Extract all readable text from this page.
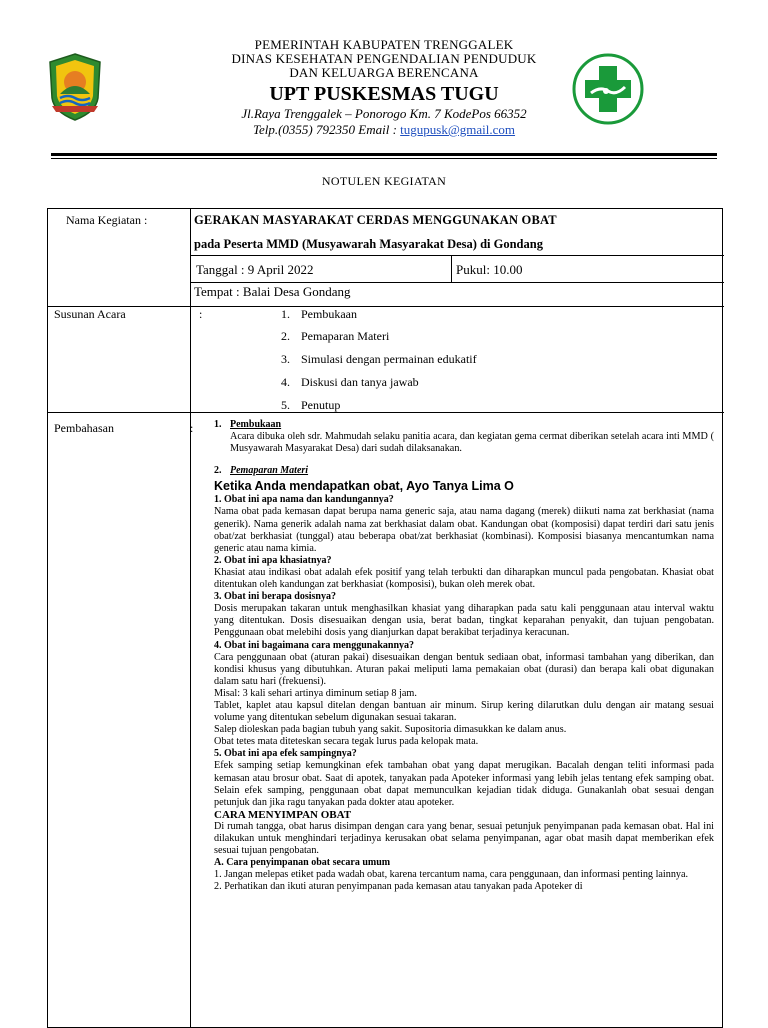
PEMERINTAH KABUPATEN TRENGGALEK
DINAS KESEHATAN PENGENDALIAN PENDUDUK
DAN KELUARGA BERENCANA
UPT PUSKESMAS TUGU
Jl.Raya Trenggalek – Ponorogo Km. 7 KodePos 66352
Telp.(0355) 792350 Email : tugupusk@gmail.com
NOTULEN KEGIATAN
Nama Kegiatan :	GERAKAN MASYARAKAT CERDAS MENGGUNAKAN OBAT
pada Peserta MMD (Musyawarah Masyarakat Desa) di Gondang
Tanggal : 9 April 2022	Pukul: 10.00
Tempat : Balai Desa Gondang
Susunan Acara	:	1. Pembukaan
2. Pemaparan Materi
3. Simulasi dengan permainan edukatif
4. Diskusi dan tanya jawab
5. Penutup
Pembahasan	: 1. Pembukaan

Acara dibuka oleh sdr. Mahmudah selaku panitia acara, dan kegiatan gema cermat diberikan setelah acara inti MMD ( Musyawarah Masyarakat Desa) dari sudah dilaksanakan.

2. Pemaparan Materi
Ketika Anda mendapatkan obat, Ayo Tanya Lima O
1. Obat ini apa nama dan kandungannya?

Nama obat pada kemasan dapat berupa nama generic saja, atau nama dagang (merek) diikuti nama zat berkhasiat (nama generik). Nama generik adalah nama zat berkhasiat dalam obat. Kandungan obat (komposisi) dapat terdiri dari satu jenis obat/zat berkhasiat (tunggal) atau beberapa obat/zat berkhasiat (kombinasi). Komposisi biasanya mencantumkan nama generic atau nama kimia.

2. Obat ini apa khasiatnya?

Khasiat atau indikasi obat adalah efek positif yang telah terbukti dan diharapkan muncul pada pengobatan. Khasiat obat ditentukan oleh kandungan zat berkhasiat (komposisi), bukan oleh merek obat.

3. Obat ini berapa dosisnya?

Dosis merupakan takaran untuk menghasilkan khasiat yang diharapkan pada satu kali penggunaan atau interval waktu yang ditentukan. Dosis disesuaikan dengan usia, berat badan, tingkat keparahan penyakit, dan tujuan pengobatan. Penggunaan obat melebihi dosis yang dianjurkan dapat berakibat terjadinya keracunan.

4. Obat ini bagaimana cara menggunakannya?

Cara penggunaan obat (aturan pakai) disesuaikan dengan bentuk sediaan obat, informasi tambahan yang diberikan, dan kondisi khusus yang dibutuhkan. Aturan pakai meliputi lama pemakaian obat (durasi) dan berapa kali obat digunakan dalam satu hari (frekuensi).

Misal: 3 kali sehari artinya diminum setiap 8 jam.

Tablet, kaplet atau kapsul ditelan dengan bantuan air minum. Sirup kering dilarutkan dulu dengan air matang sesuai volume yang ditentukan sebelum digunakan sesuai takaran.

Salep dioleskan pada bagian tubuh yang sakit. Supositoria dimasukkan ke dalam anus.

Obat tetes mata diteteskan secara tegak lurus pada kelopak mata.

5. Obat ini apa efek sampingnya?

Efek samping setiap kemungkinan efek tambahan obat yang dapat merugikan. Bacalah dengan teliti informasi pada kemasan atau brosur obat. Saat di apotek, tanyakan pada Apoteker informasi yang lebih jelas tentang efek samping obat. Selain efek samping, penggunaan obat dapat memunculkan kejadian tidak diduga. Gunakanlah obat sesuai dengan petunjuk dan jika ragu tanyakan pada dokter atau apoteker.

CARA MENYIMPAN OBAT

Di rumah tangga, obat harus disimpan dengan cara yang benar, sesuai petunjuk penyimpanan pada kemasan obat. Hal ini dilakukan untuk menghindari terjadinya kerusakan obat selama penyimpanan, agar obat masih dapat memberikan efek sesuai tujuan pengobatan.

A. Cara penyimpanan obat secara umum

1. Jangan melepas etiket pada wadah obat, karena tercantum nama, cara penggunaan, dan informasi penting lainnya.

2. Perhatikan dan ikuti aturan penyimpanan pada kemasan atau tanyakan pada Apoteker di
